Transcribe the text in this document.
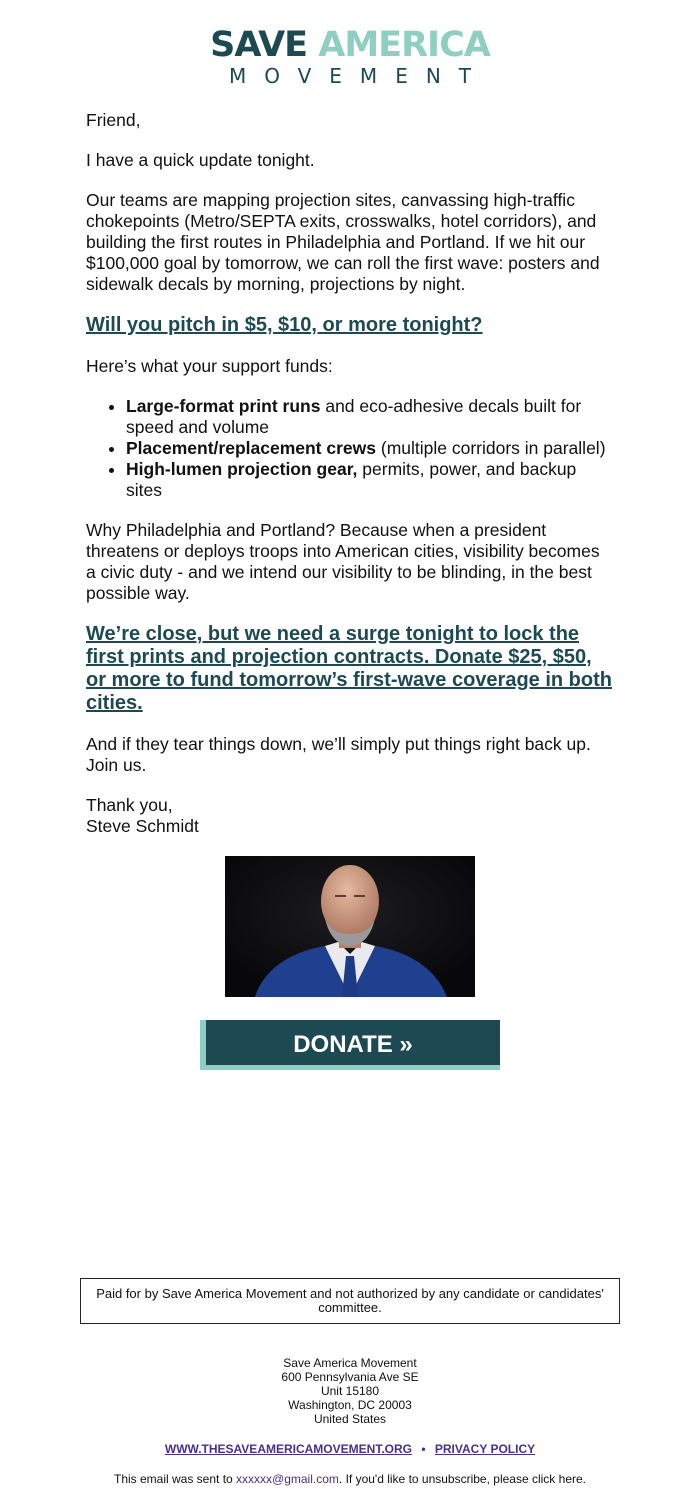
SAVE AMERICA
MOVEMENT

Friend,

I have a quick update tonight.

Our teams are mapping projection sites, canvassing high-traffic chokepoints (Metro/SEPTA exits, crosswalks, hotel corridors), and building the first routes in Philadelphia and Portland. If we hit our $100,000 goal by tomorrow, we can roll the first wave: posters and sidewalk decals by morning, projections by night.

Will you pitch in $5, $10, or more tonight?

Here’s what your support funds:

• Large-format print runs and eco-adhesive decals built for speed and volume
• Placement/replacement crews (multiple corridors in parallel)
• High-lumen projection gear, permits, power, and backup sites

Why Philadelphia and Portland? Because when a president threatens or deploys troops into American cities, visibility becomes a civic duty - and we intend our visibility to be blinding, in the best possible way.

We’re close, but we need a surge tonight to lock the first prints and projection contracts. Donate $25, $50, or more to fund tomorrow’s first-wave coverage in both cities.

And if they tear things down, we’ll simply put things right back up. Join us.

Thank you,
Steve Schmidt
DONATE »
Paid for by Save America Movement and not authorized by any candidate or candidates' committee.
Save America Movement
600 Pennsylvania Ave SE
Unit 15180
Washington, DC 20003
United States
WWW.THESAVEAMERICAMOVEMENT.ORG • PRIVACY POLICY
This email was sent to xxxxxx@gmail.com. If you'd like to unsubscribe, please click here.
